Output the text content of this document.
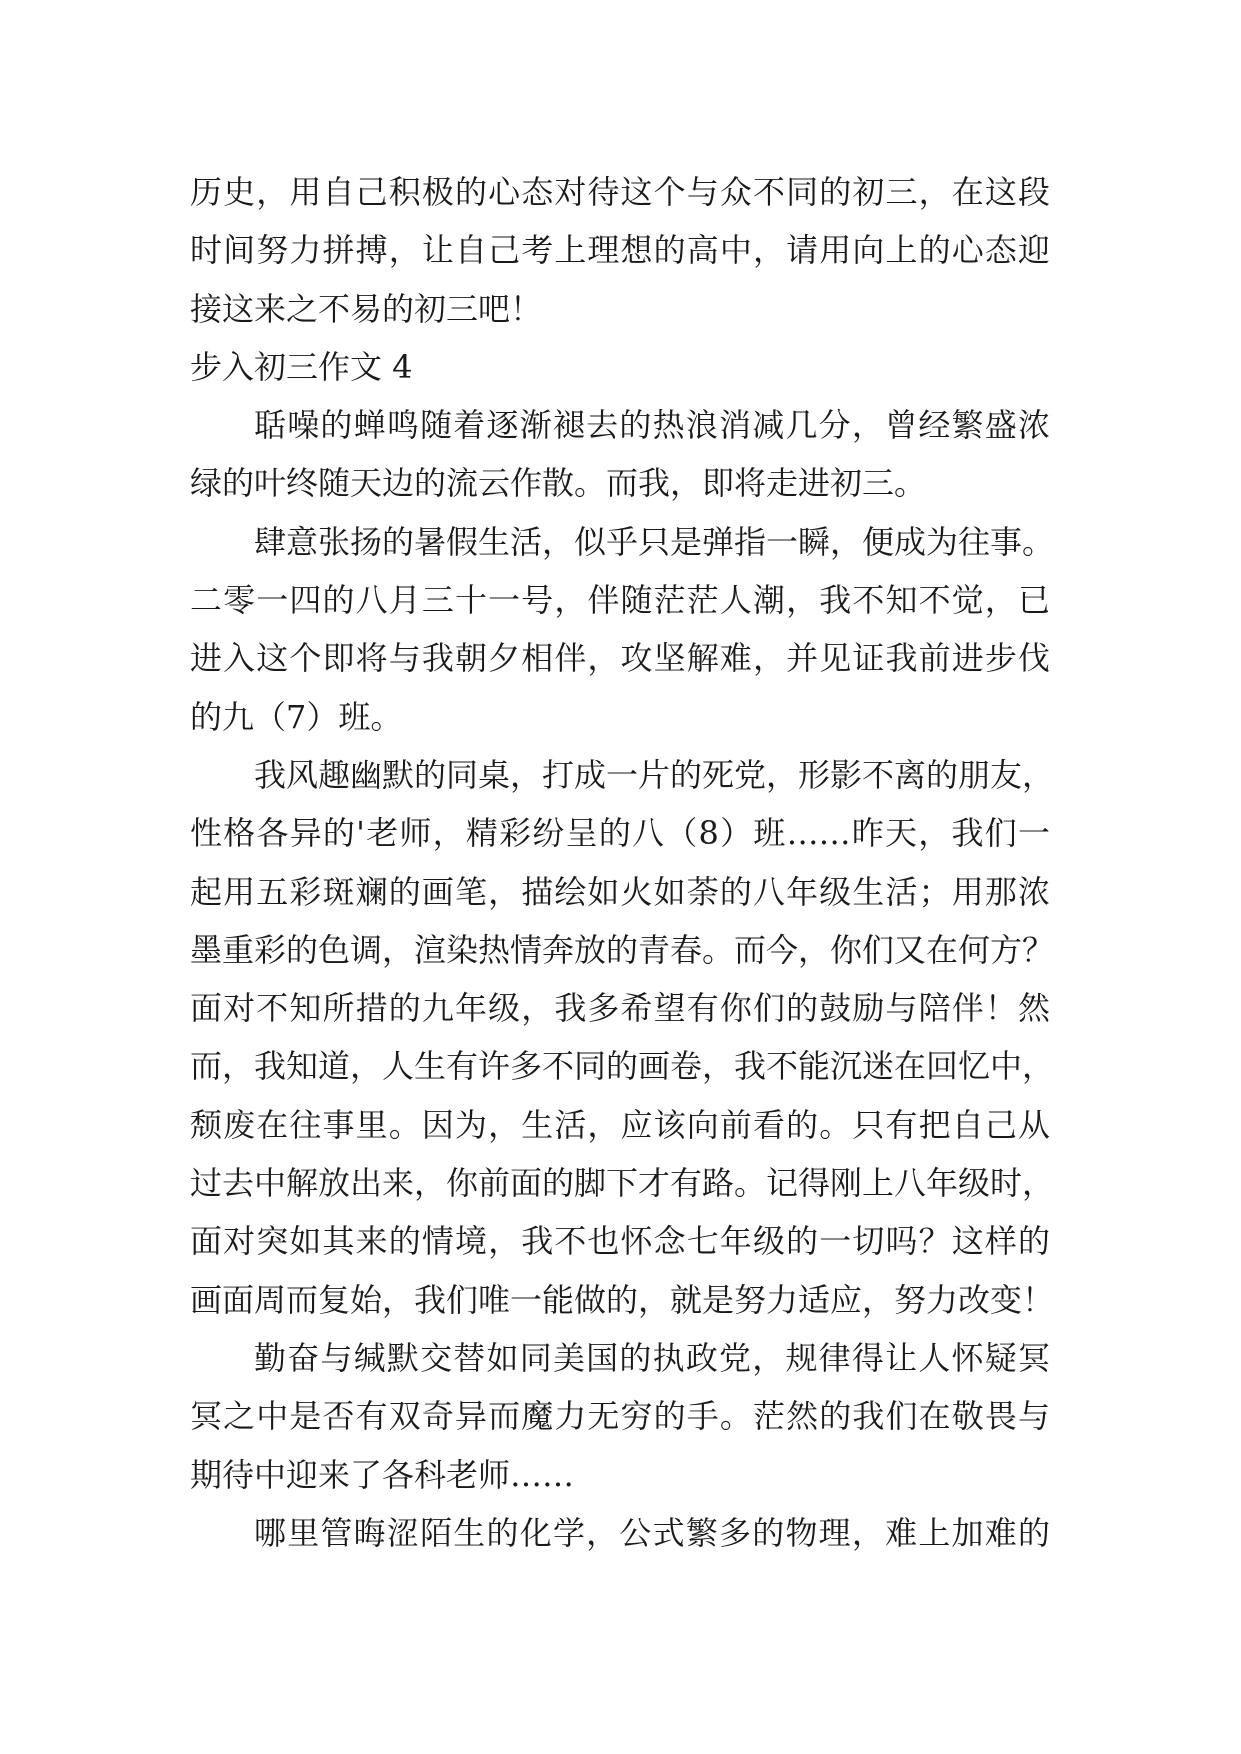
历史，用自己积极的心态对待这个与众不同的初三，在这段
时间努力拼搏，让自己考上理想的高中，请用向上的心态迎
接这来之不易的初三吧！
步入初三作文 4
聒噪的蝉鸣随着逐渐褪去的热浪消减几分，曾经繁盛浓
绿的叶终随天边的流云作散。而我，即将走进初三。
肆意张扬的暑假生活，似乎只是弹指一瞬，便成为往事。
二零一四的八月三十一号，伴随茫茫人潮，我不知不觉，已
进入这个即将与我朝夕相伴，攻坚解难，并见证我前进步伐
的九（7）班。
我风趣幽默的同桌，打成一片的死党，形影不离的朋友，
性格各异的'老师，精彩纷呈的八（8）班……昨天，我们一
起用五彩斑斓的画笔，描绘如火如荼的八年级生活；用那浓
墨重彩的色调，渲染热情奔放的青春。而今，你们又在何方？
面对不知所措的九年级，我多希望有你们的鼓励与陪伴！然
而，我知道，人生有许多不同的画卷，我不能沉迷在回忆中，
颓废在往事里。因为，生活，应该向前看的。只有把自己从
过去中解放出来，你前面的脚下才有路。记得刚上八年级时，
面对突如其来的情境，我不也怀念七年级的一切吗？这样的
画面周而复始，我们唯一能做的，就是努力适应，努力改变！
勤奋与缄默交替如同美国的执政党，规律得让人怀疑冥
冥之中是否有双奇异而魔力无穷的手。茫然的我们在敬畏与
期待中迎来了各科老师……
哪里管晦涩陌生的化学，公式繁多的物理，难上加难的
